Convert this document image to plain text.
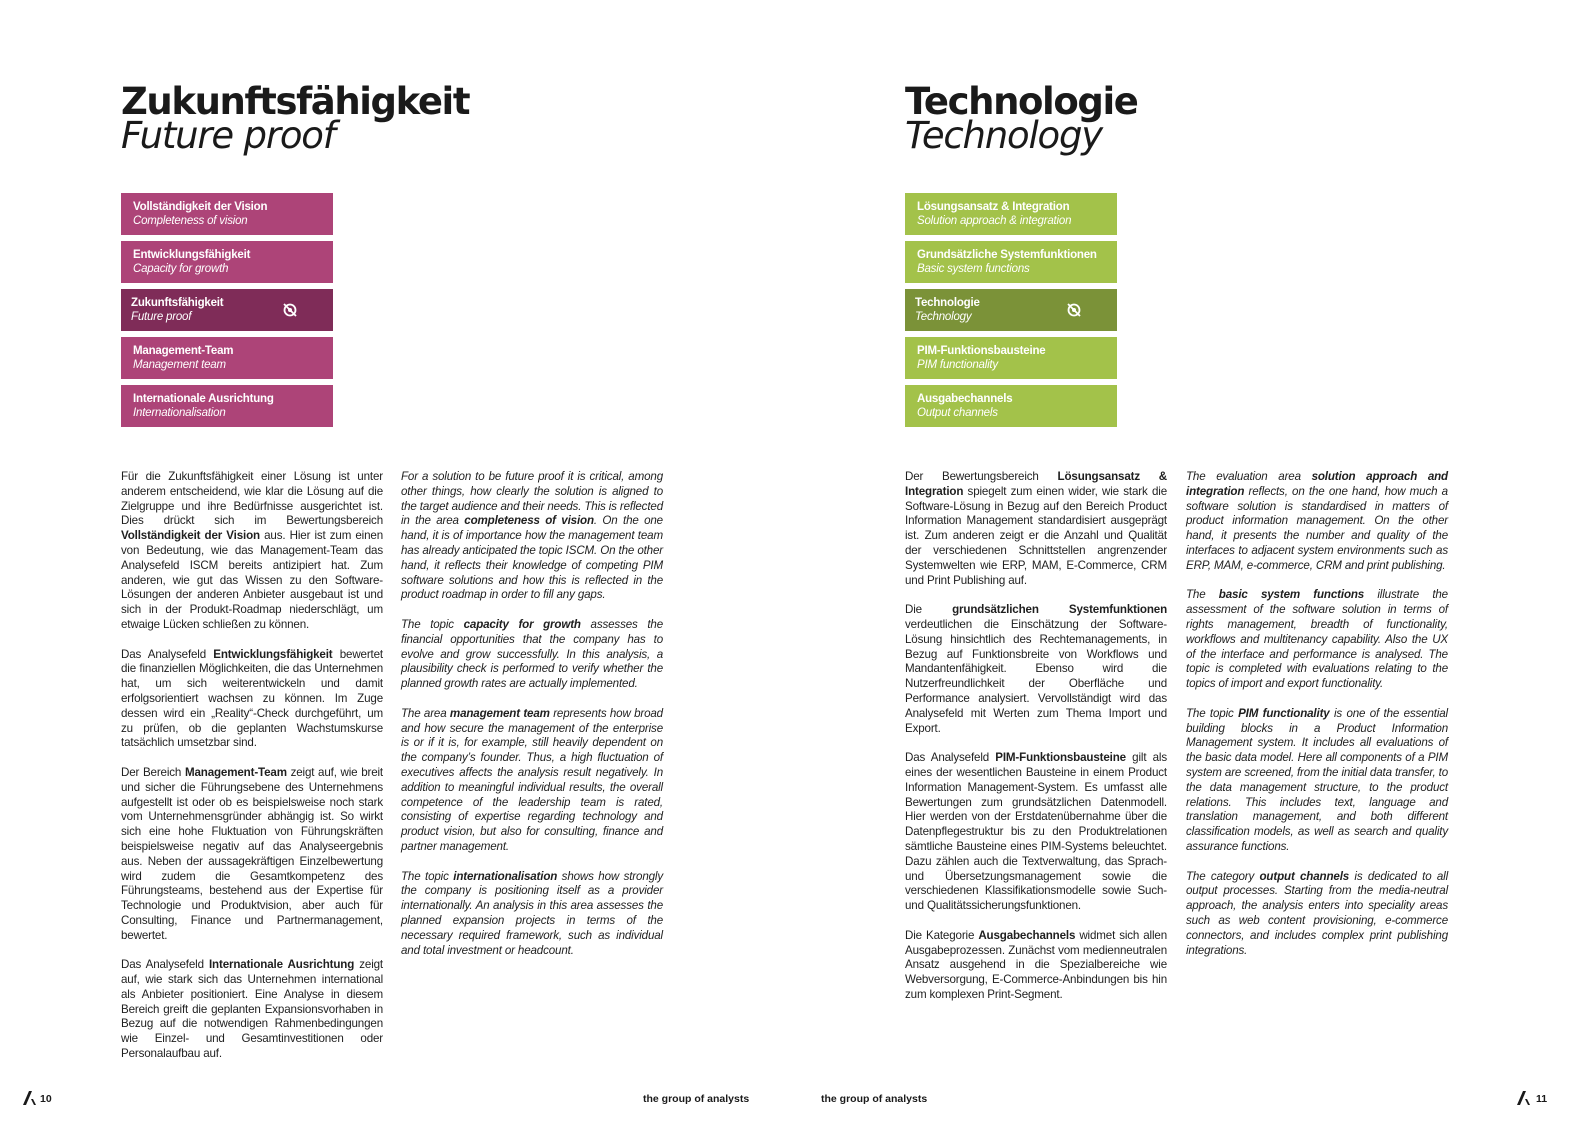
Zukunftsfähigkeit
Future proof
Vollständigkeit der Vision
Completeness of vision
Entwicklungsfähigkeit
Capacity for growth
Zukunftsfähigkeit
Future proof
Management-Team
Management team
Internationale Ausrichtung
Internationalisation

Für die Zukunftsfähigkeit einer Lösung ist unter anderem entscheidend, wie klar die Lösung auf die Zielgruppe und ihre Bedürfnisse ausgerichtet ist. Dies drückt sich im Bewertungsbereich Vollständigkeit der Vision aus. Hier ist zum einen von Bedeutung, wie das Management-Team das Analysefeld ISCM bereits antizipiert hat. Zum anderen, wie gut das Wissen zu den Software-Lösungen der anderen Anbieter ausgebaut ist und sich in der Produkt-Roadmap niederschlägt, um etwaige Lücken schließen zu können.

Das Analysefeld Entwicklungsfähigkeit bewertet die finanziellen Möglichkeiten, die das Unternehmen hat, um sich weiterentwickeln und damit erfolgsorientiert wachsen zu können. Im Zuge dessen wird ein „Reality“-Check durchgeführt, um zu prüfen, ob die geplanten Wachstumskurse tatsächlich umsetzbar sind.

Der Bereich Management-Team zeigt auf, wie breit und sicher die Führungsebene des Unternehmens aufgestellt ist oder ob es beispielsweise noch stark vom Unternehmensgründer abhängig ist. So wirkt sich eine hohe Fluktuation von Führungskräften beispielsweise negativ auf das Analyseergebnis aus. Neben der aussagekräftigen Einzelbewertung wird zudem die Gesamtkompetenz des Führungsteams, bestehend aus der Expertise für Technologie und Produktvision, aber auch für Consulting, Finance und Partnermanagement, bewertet.

Das Analysefeld Internationale Ausrichtung zeigt auf, wie stark sich das Unternehmen international als Anbieter positioniert. Eine Analyse in diesem Bereich greift die geplanten Expansionsvorhaben in Bezug auf die notwendigen Rahmenbedingungen wie Einzel- und Gesamtinvestitionen oder Personalaufbau auf.

For a solution to be future proof it is critical, among other things, how clearly the solution is aligned to the target audience and their needs. This is reflected in the area completeness of vision. On the one hand, it is of importance how the management team has already anticipated the topic ISCM. On the other hand, it reflects their knowledge of competing PIM software solutions and how this is reflected in the product roadmap in order to fill any gaps.

The topic capacity for growth assesses the financial opportunities that the company has to evolve and grow successfully. In this analysis, a plausibility check is performed to verify whether the planned growth rates are actually implemented.

The area management team represents how broad and how secure the management of the enterprise is or if it is, for example, still heavily dependent on the company’s founder. Thus, a high fluctuation of executives affects the analysis result negatively. In addition to meaningful individual results, the overall competence of the leadership team is rated, consisting of expertise regarding technology and product vision, but also for consulting, finance and partner management.

The topic internationalisation shows how strongly the company is positioning itself as a provider internationally. An analysis in this area assesses the planned expansion projects in terms of the necessary required framework, such as individual and total investment or headcount.

10	the group of analysts
Technologie
Technology
Lösungsansatz & Integration
Solution approach & integration
Grundsätzliche Systemfunktionen
Basic system functions
Technologie
Technology
PIM-Funktionsbausteine
PIM functionality
Ausgabechannels
Output channels

Der Bewertungsbereich Lösungsansatz & Integration spiegelt zum einen wider, wie stark die Software-Lösung in Bezug auf den Bereich Product Information Management standardisiert ausgeprägt ist. Zum anderen zeigt er die Anzahl und Qualität der verschiedenen Schnittstellen angrenzender Systemwelten wie ERP, MAM, E-Commerce, CRM und Print Publishing auf.

Die grundsätzlichen Systemfunktionen verdeutlichen die Einschätzung der Software-Lösung hinsichtlich des Rechtemanagements, in Bezug auf Funktionsbreite von Workflows und Mandantenfähigkeit. Ebenso wird die Nutzerfreundlichkeit der Oberfläche und Performance analysiert. Vervollständigt wird das Analysefeld mit Werten zum Thema Import und Export.

Das Analysefeld PIM-Funktionsbausteine gilt als eines der wesentlichen Bausteine in einem Product Information Management-System. Es umfasst alle Bewertungen zum grundsätzlichen Datenmodell. Hier werden von der Erstdatenübernahme über die Datenpflegestruktur bis zu den Produktrelationen sämtliche Bausteine eines PIM-Systems beleuchtet. Dazu zählen auch die Textverwaltung, das Sprach- und Übersetzungsmanagement sowie die verschiedenen Klassifikationsmodelle sowie Such- und Qualitätssicherungsfunktionen.

Die Kategorie Ausgabechannels widmet sich allen Ausgabeprozessen. Zunächst vom medienneutralen Ansatz ausgehend in die Spezialbereiche wie Webversorgung, E-Commerce-Anbindungen bis hin zum komplexen Print-Segment.

The evaluation area solution approach and integration reflects, on the one hand, how much a software solution is standardised in matters of product information management. On the other hand, it presents the number and quality of the interfaces to adjacent system environments such as ERP, MAM, e-commerce, CRM and print publishing.

The basic system functions illustrate the assessment of the software solution in terms of rights management, breadth of functionality, workflows and multitenancy capability. Also the UX of the interface and performance is analysed. The topic is completed with evaluations relating to the topics of import and export functionality.

The topic PIM functionality is one of the essential building blocks in a Product Information Management system. It includes all evaluations of the basic data model. Here all components of a PIM system are screened, from the initial data transfer, to the data management structure, to the product relations. This includes text, language and translation management, and both different classification models, as well as search and quality assurance functions.

The category output channels is dedicated to all output processes. Starting from the media-neutral approach, the analysis enters into speciality areas such as web content provisioning, e-commerce connectors, and includes complex print publishing integrations.

the group of analysts	11
